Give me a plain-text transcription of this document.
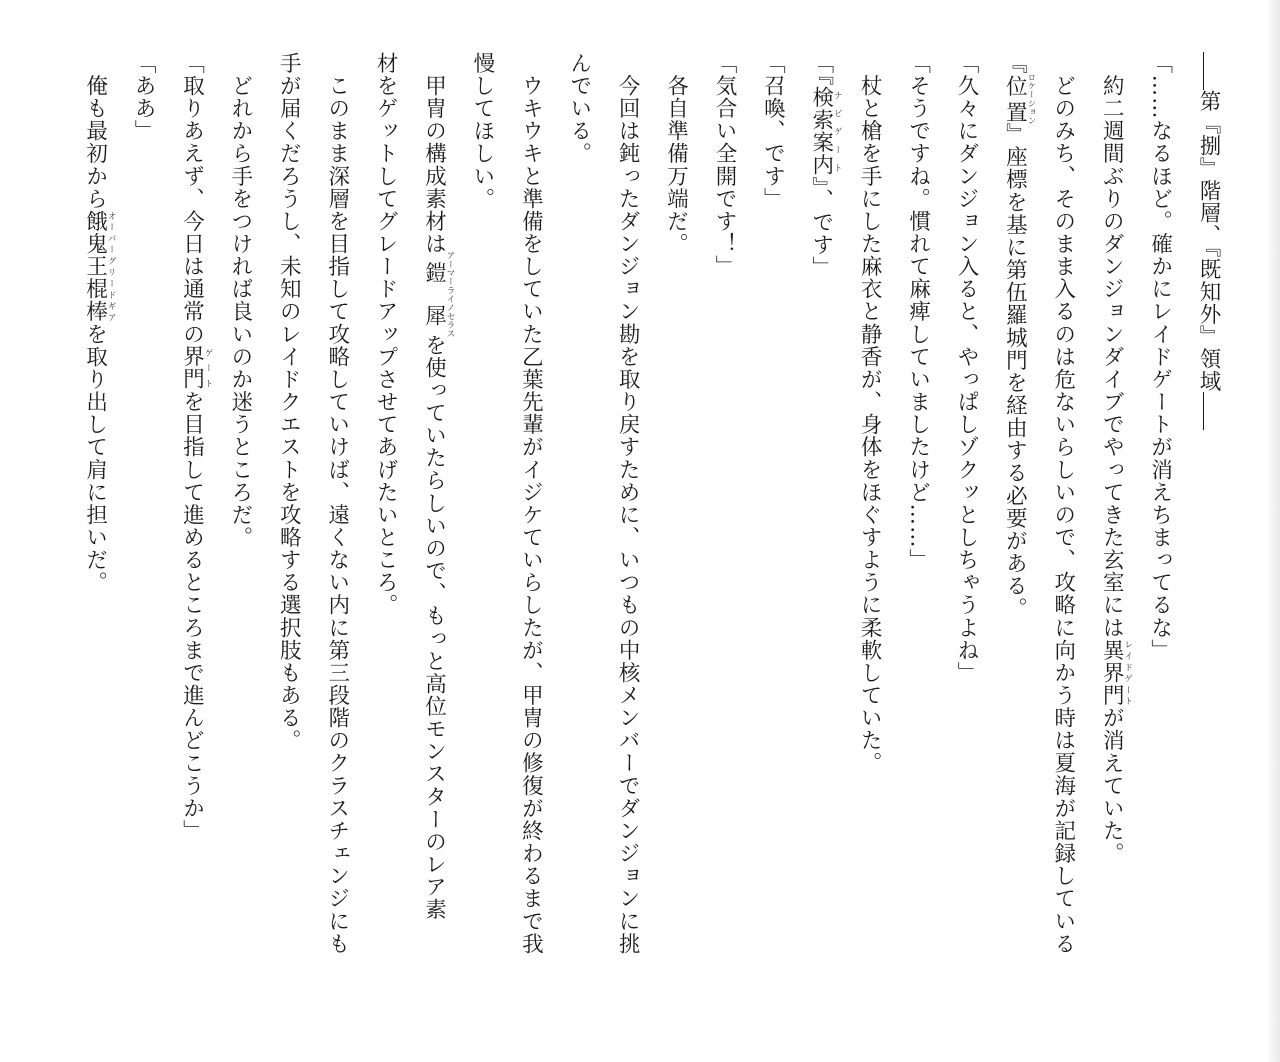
第『捌』階層、『既知外』領域
「……なるほど。確かにレイドゲートが消えちまってるな」
　約二週間ぶりのダンジョンダイブでやってきた玄室には異界門レイドゲートが消えていた。
　どのみち、そのまま入るのは危ないらしいので、攻略に向かう時は夏海が記録している
『位置ロケーション』座標を基に第伍羅城門を経由する必要がある。
「久々にダンジョン入ると、やっぱしゾクッとしちゃうよね」
「そうですね。慣れて麻痺していましたけど……」
　杖と槍を手にした麻衣と静香が、身体をほぐすように柔軟していた。
「『検索案内ナビゲート』、です」
「召喚、です」
「気合い全開です！」
　各自準備万端だ。
　今回は鈍ったダンジョン勘を取り戻すために、いつもの中核メンバーでダンジョンに挑
んでいる。
　ウキウキと準備をしていた乙葉先輩がイジケていらしたが、甲冑の修復が終わるまで我
慢してほしい。
　甲冑の構成素材は鎧犀アーマーライノセラスを使っていたらしいので、もっと高位モンスターのレア素
材をゲットしてグレードアップさせてあげたいところ。
　このまま深層を目指して攻略していけば、遠くない内に第三段階のクラスチェンジにも
手が届くだろうし、未知のレイドクエストを攻略する選択肢もある。
　どれから手をつければ良いのか迷うところだ。
「取りあえず、今日は通常の界門ゲートを目指して進めるところまで進んどこうか」
「ああ」
　俺も最初から餓鬼王棍棒オーバーグリードギアを取り出して肩に担いだ。
